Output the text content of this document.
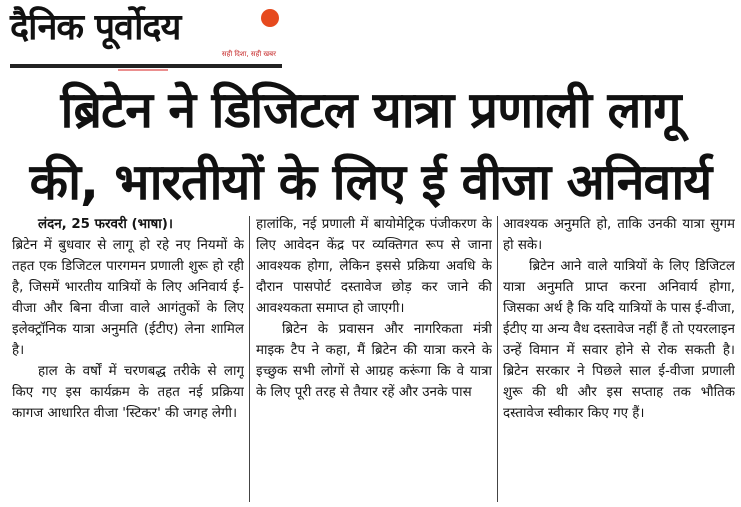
दैनिक पूर्वोदय
सही दिशा, सही खबर
ब्रिटेन ने डिजिटल यात्रा प्रणाली लागू
की, भारतीयों के लिए ई वीजा अनिवार्य

लंदन, 25 फरवरी (भाषा)।
ब्रिटेन में बुधवार से लागू हो रहे नए नियमों के तहत एक डिजिटल पारगमन प्रणाली शुरू हो रही है, जिसमें भारतीय यात्रियों के लिए अनिवार्य ई-वीजा और बिना वीजा वाले आगंतुकों के लिए इलेक्ट्रॉनिक यात्रा अनुमति (ईटीए) लेना शामिल है।

हाल के वर्षों में चरणबद्ध तरीके से लागू किए गए इस कार्यक्रम के तहत नई प्रक्रिया कागज आधारित वीजा 'स्टिकर' की जगह लेगी।

हालांकि, नई प्रणाली में बायोमेट्रिक पंजीकरण के लिए आवेदन केंद्र पर व्यक्तिगत रूप से जाना आवश्यक होगा, लेकिन इससे प्रक्रिया अवधि के दौरान पासपोर्ट दस्तावेज छोड़ कर जाने की आवश्यकता समाप्त हो जाएगी।

ब्रिटेन के प्रवासन और नागरिकता मंत्री माइक टैप ने कहा, मैं ब्रिटेन की यात्रा करने के इच्छुक सभी लोगों से आग्रह करूंगा कि वे यात्रा के लिए पूरी तरह से तैयार रहें और उनके पास

आवश्यक अनुमति हो, ताकि उनकी यात्रा सुगम हो सके।

ब्रिटेन आने वाले यात्रियों के लिए डिजिटल यात्रा अनुमति प्राप्त करना अनिवार्य होगा, जिसका अर्थ है कि यदि यात्रियों के पास ई-वीजा, ईटीए या अन्य वैध दस्तावेज नहीं हैं तो एयरलाइन उन्हें विमान में सवार होने से रोक सकती है। ब्रिटेन सरकार ने पिछले साल ई-वीजा प्रणाली शुरू की थी और इस सप्ताह तक भौतिक दस्तावेज स्वीकार किए गए हैं।
